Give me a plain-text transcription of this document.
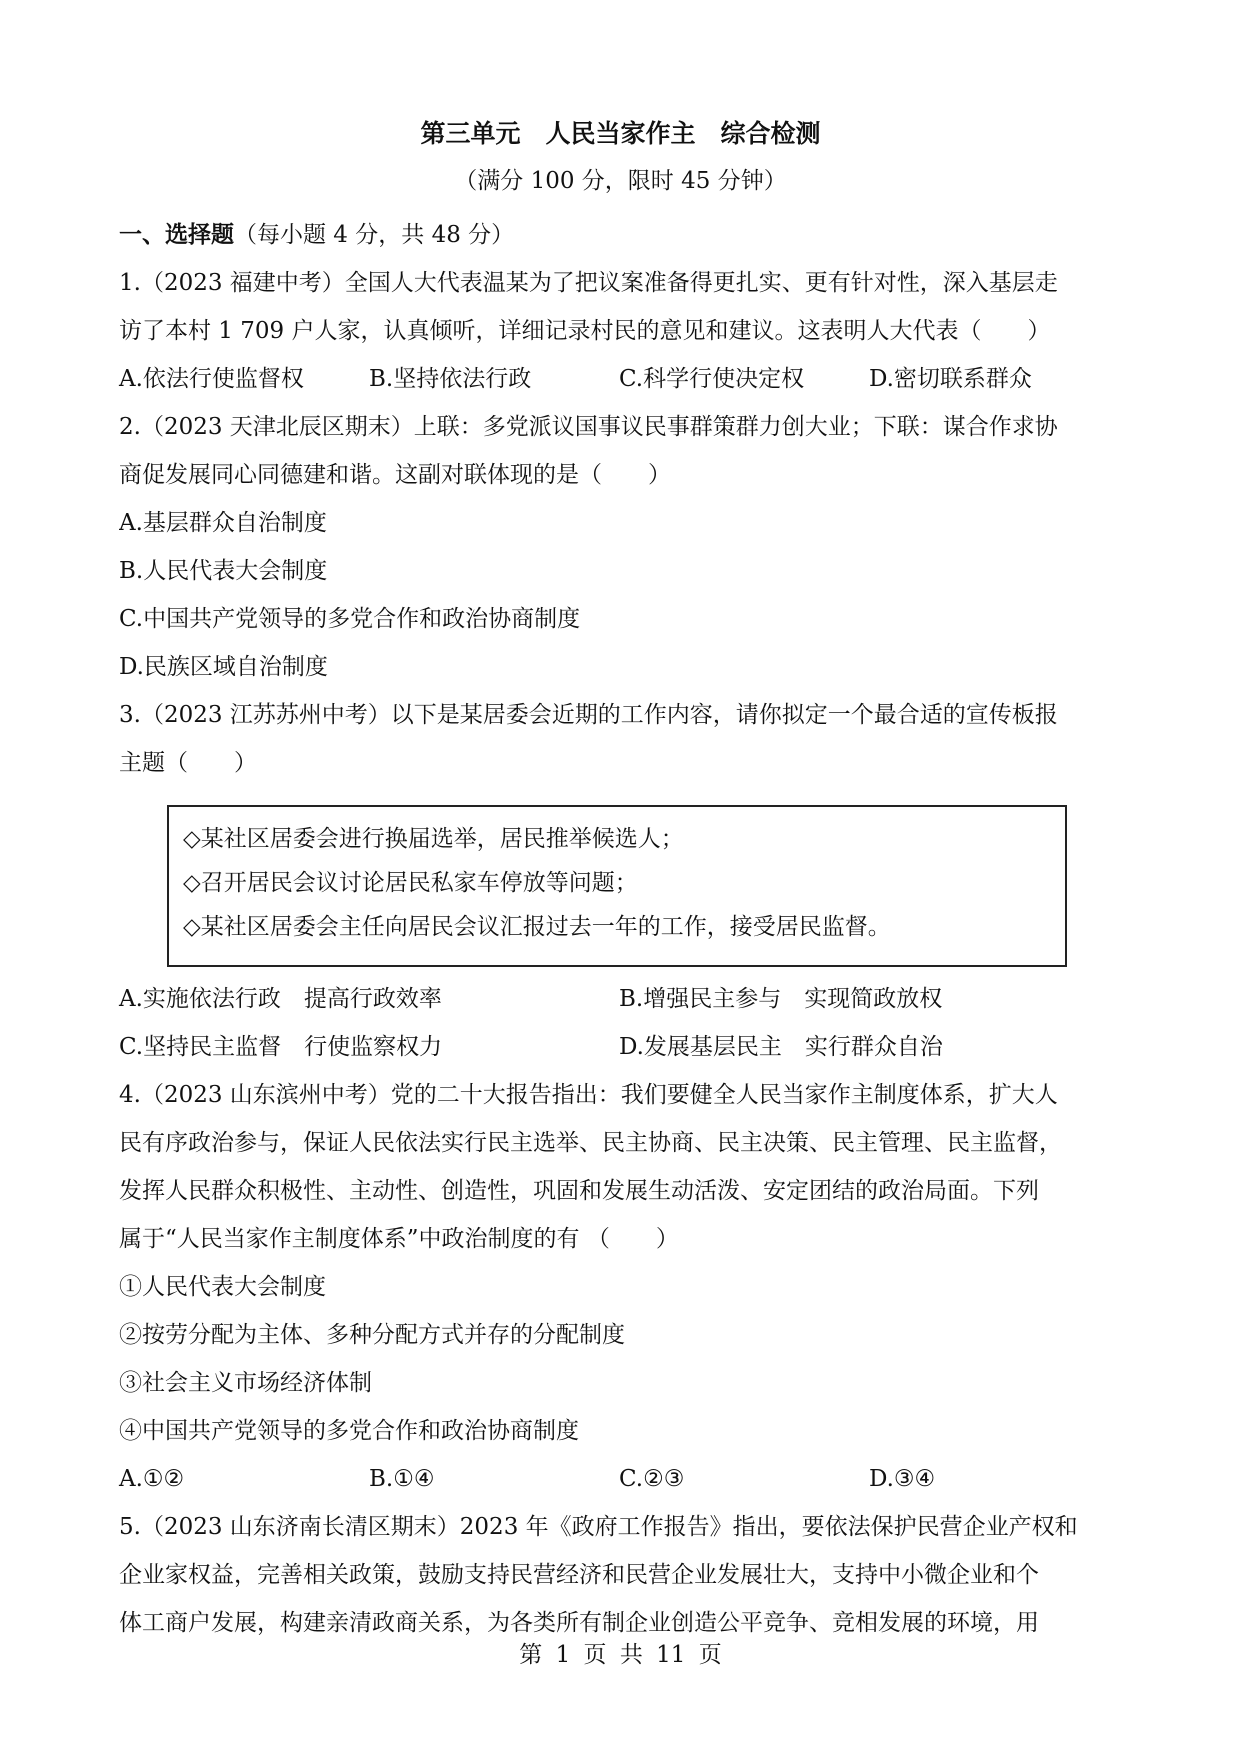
第三单元　人民当家作主　综合检测
（满分 100 分，限时 45 分钟）
一、选择题（每小题 4 分，共 48 分）
1.（2023 福建中考）全国人大代表温某为了把议案准备得更扎实、更有针对性，深入基层走
访了本村 1 709 户人家，认真倾听，详细记录村民的意见和建议。这表明人大代表（　　）
A.依法行使监督权	B.坚持依法行政	C.科学行使决定权	D.密切联系群众
2.（2023 天津北辰区期末）上联：多党派议国事议民事群策群力创大业；下联：谋合作求协
商促发展同心同德建和谐。这副对联体现的是（　　）
A.基层群众自治制度
B.人民代表大会制度
C.中国共产党领导的多党合作和政治协商制度
D.民族区域自治制度
3.（2023 江苏苏州中考）以下是某居委会近期的工作内容，请你拟定一个最合适的宣传板报
主题（　　）
◇某社区居委会进行换届选举，居民推举候选人；
◇召开居民会议讨论居民私家车停放等问题；
◇某社区居委会主任向居民会议汇报过去一年的工作，接受居民监督。
A.实施依法行政　提高行政效率	B.增强民主参与　实现简政放权
C.坚持民主监督　行使监察权力	D.发展基层民主　实行群众自治
4.（2023 山东滨州中考）党的二十大报告指出：我们要健全人民当家作主制度体系，扩大人
民有序政治参与，保证人民依法实行民主选举、民主协商、民主决策、民主管理、民主监督，
发挥人民群众积极性、主动性、创造性，巩固和发展生动活泼、安定团结的政治局面。下列
属于“人民当家作主制度体系”中政治制度的有 （　　）
①人民代表大会制度
②按劳分配为主体、多种分配方式并存的分配制度
③社会主义市场经济体制
④中国共产党领导的多党合作和政治协商制度
A.①②	B.①④	C.②③	D.③④
5.（2023 山东济南长清区期末）2023 年《政府工作报告》指出，要依法保护民营企业产权和
企业家权益，完善相关政策，鼓励支持民营经济和民营企业发展壮大，支持中小微企业和个
体工商户发展，构建亲清政商关系，为各类所有制企业创造公平竞争、竞相发展的环境，用
第 1 页 共 11 页
